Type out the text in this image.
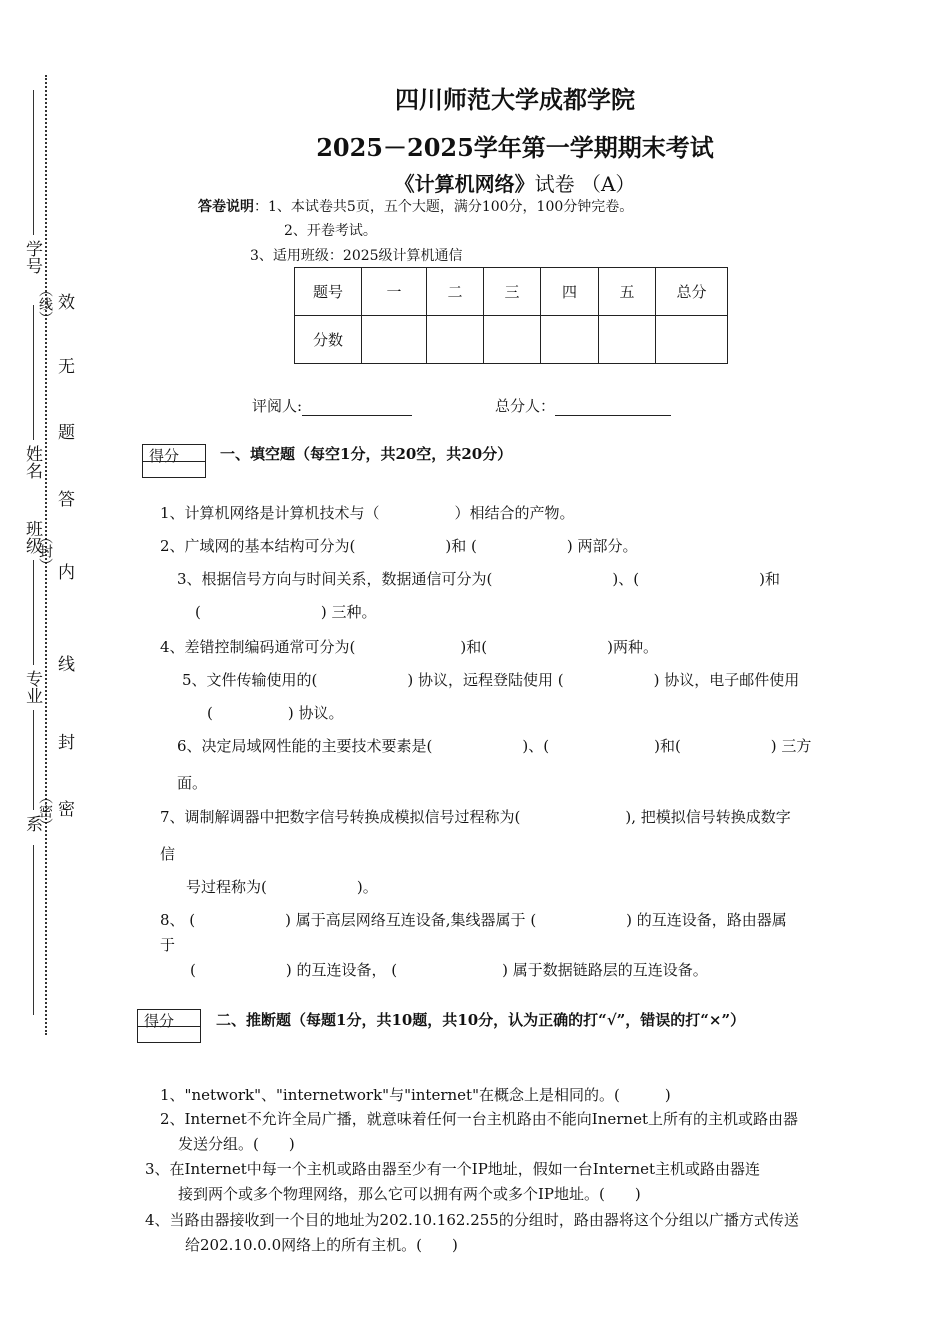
学号
姓名
班级
专业
系
（线） 效
无
题
答
（封）
内
线
封
（密） 密
四川师范大学成都学院
2025－2025学年第一学期期末考试
《计算机网络》试卷 （A）
答卷说明：1、本试卷共5页，五个大题，满分100分，100分钟完卷。
2、开卷考试。
3、适用班级：2025级计算机通信
题号	一	二	三	四	五	总分
分数						
评阅人:	总分人：
得分	一、填空题（每空1分，共20空，共20分）
1、计算机网络是计算机技术与（　　　　　）相结合的产物。
2、广域网的基本结构可分为(　　　　　　)和 (　　　　　　) 两部分。
3、根据信号方向与时间关系，数据通信可分为(　　　　　　　　)、(　　　　　　　　)和
(　　　　　　　　) 三种。
4、差错控制编码通常可分为(　　　　　　　)和(　　　　　　　　)两种。
5、文件传输使用的(　　　　　　) 协议，远程登陆使用 (　　　　　　) 协议，电子邮件使用
(　　　　　) 协议。
6、决定局域网性能的主要技术要素是(　　　　　　)、(　　　　　　　)和(　　　　　　) 三方
面。
7、调制解调器中把数字信号转换成模拟信号过程称为(　　　　　　　), 把模拟信号转换成数字
信
号过程称为(　　　　　　)。
8、 (　　　　　　) 属于高层网络互连设备,集线器属于 (　　　　　　) 的互连设备，路由器属
于
(　　　　　　) 的互连设备， (　　　　　　　) 属于数据链路层的互连设备。
得分	二、推断题（每题1分，共10题，共10分，认为正确的打“√”，错误的打“×”）
1、"network"、"internetwork"与"internet"在概念上是相同的。(　　　)
2、Internet不允许全局广播，就意味着任何一台主机路由不能向Inernet上所有的主机或路由器
发送分组。(　　)
3、在Internet中每一个主机或路由器至少有一个IP地址，假如一台Internet主机或路由器连
接到两个或多个物理网络，那么它可以拥有两个或多个IP地址。(　　)
4、当路由器接收到一个目的地址为202.10.162.255的分组时，路由器将这个分组以广播方式传送
给202.10.0.0网络上的所有主机。(　　)
